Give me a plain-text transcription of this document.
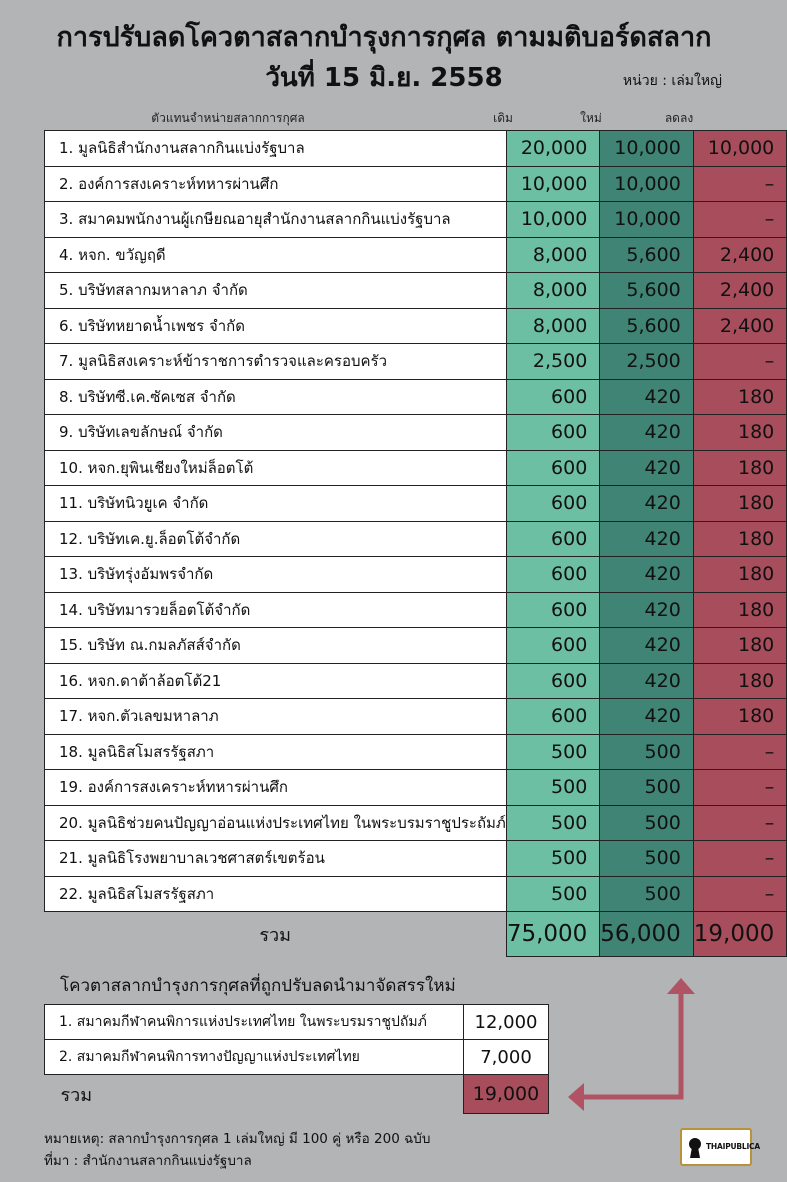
การปรับลดโควตาสลากบำรุงการกุศล ตามมติบอร์ดสลาก
วันที่ 15 มิ.ย. 2558	หน่วย : เล่มใหญ่
ตัวแทนจำหน่ายสลากการกุศล	เดิม	ใหม่	ลดลง
1. มูลนิธิสำนักงานสลากกินแบ่งรัฐบาล	20,000	10,000	10,000
2. องค์การสงเคราะห์ทหารผ่านศึก	10,000	10,000	–
3. สมาคมพนักงานผู้เกษียณอายุสำนักงานสลากกินแบ่งรัฐบาล	10,000	10,000	–
4. หจก. ขวัญฤดี	8,000	5,600	2,400
5. บริษัทสลากมหาลาภ จำกัด	8,000	5,600	2,400
6. บริษัทหยาดน้ำเพชร จำกัด	8,000	5,600	2,400
7. มูลนิธิสงเคราะห์ข้าราชการตำรวจและครอบครัว	2,500	2,500	–
8. บริษัทซี.เค.ซัคเซส จำกัด	600	420	180
9. บริษัทเลขลักษณ์ จำกัด	600	420	180
10. หจก.ยุพินเชียงใหม่ล็อตโต้	600	420	180
11. บริษัทนิวยูเค จำกัด	600	420	180
12. บริษัทเค.ยู.ล็อตโต้จำกัด	600	420	180
13. บริษัทรุ่งอัมพรจำกัด	600	420	180
14. บริษัทมารวยล็อตโต้จำกัด	600	420	180
15. บริษัท ณ.กมลภัสส์จำกัด	600	420	180
16. หจก.ดาต้าล้อตโต้21	600	420	180
17. หจก.ตัวเลขมหาลาภ	600	420	180
18. มูลนิธิสโมสรรัฐสภา	500	500	–
19. องค์การสงเคราะห์ทหารผ่านศึก	500	500	–
20. มูลนิธิช่วยคนปัญญาอ่อนแห่งประเทศไทย ในพระบรมราชูประถัมภ์	500	500	–
21. มูลนิธิโรงพยาบาลเวชศาสตร์เขตร้อน	500	500	–
22. มูลนิธิสโมสรรัฐสภา	500	500	–
รวม	75,000	56,000	19,000
โควตาสลากบำรุงการกุศลที่ถูกปรับลดนำมาจัดสรรใหม่
1. สมาคมกีฬาคนพิการแห่งประเทศไทย ในพระบรมราชูปถัมภ์	12,000
2. สมาคมกีฬาคนพิการทางปัญญาแห่งประเทศไทย	7,000
รวม	19,000
หมายเหตุ: สลากบำรุงการกุศล 1 เล่มใหญ่ มี 100 คู่ หรือ 200 ฉบับ
ที่มา : สำนักงานสลากกินแบ่งรัฐบาล
THAIPUBLICA
